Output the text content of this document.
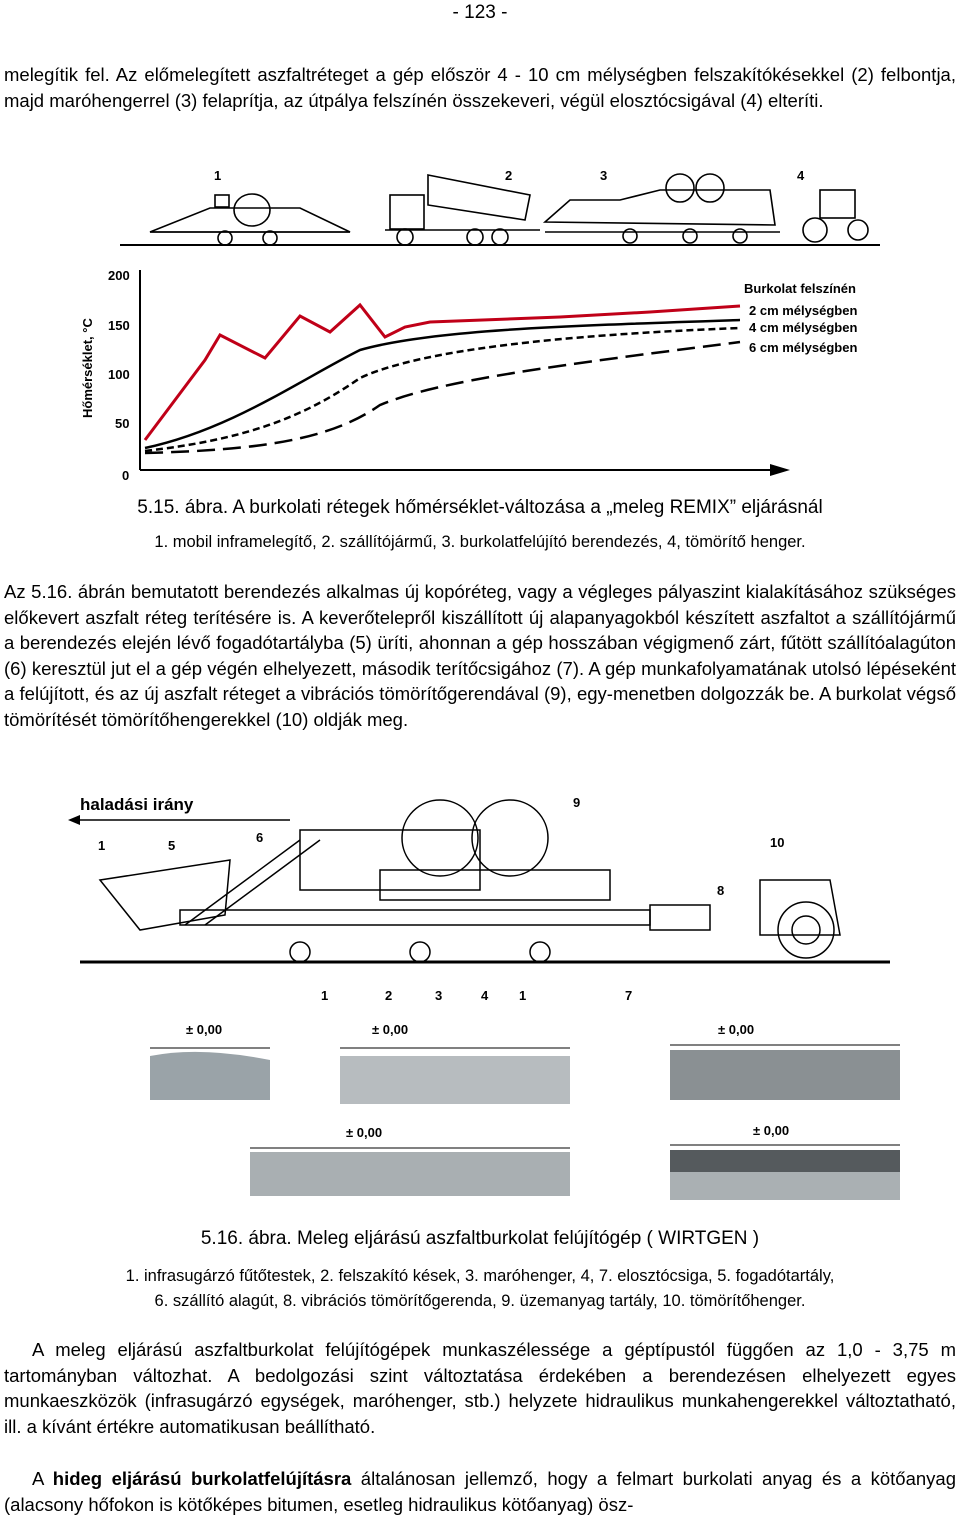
- 123 -
melegítik fel. Az előmelegített aszfaltréteget a gép először 4 - 10 cm mélységben felszakítókésekkel (2) felbontja, majd maróhengerrel (3) felaprítja, az útpálya felszínén összekeveri, végül elosztócsigával (4) elteríti.
1	2	3	4
Hőmérséklet, °C
200
150
100
50
0
Burkolat felszínén
2 cm mélységben
4 cm mélységben
6 cm mélységben
5.15. ábra. A burkolati rétegek hőmérséklet-változása a „meleg REMIX” eljárásnál
1. mobil inframelegítő, 2. szállítójármű, 3. burkolatfelújító berendezés, 4, tömörítő henger.
Az 5.16. ábrán bemutatott berendezés alkalmas új kopóréteg, vagy a végleges pályaszint kialakításához szükséges előkevert aszfalt réteg terítésére is. A keverőtelepről kiszállított új alapanyagokból készített aszfaltot a szállítójármű a berendezés elején lévő fogadótartályba (5) üríti, ahonnan a gép hosszában végigmenő zárt, fűtött szállítóalagúton (6) keresztül jut el a gép végén elhelyezett, második terítőcsigához (7). A gép munkafolyamatának utolsó lépéseként a felújított, és az új aszfalt réteget a vibrációs tömörítőgerendával (9), egy-menetben dolgozzák be. A burkolat végső tömörítését tömörítőhengerekkel (10) oldják meg.
haladási irány
1	5
6
9
10
8
1	2	3	4 1	7
± 0,00	± 0,00	± 0,00
± 0,00	± 0,00
5.16. ábra. Meleg eljárású aszfaltburkolat felújítógép ( WIRTGEN )
1. infrasugárzó fűtőtestek, 2. felszakító kések, 3. maróhenger, 4, 7. elosztócsiga, 5. fogadótartály,
6. szállító alagút, 8. vibrációs tömörítőgerenda, 9. üzemanyag tartály, 10. tömörítőhenger.
A meleg eljárású aszfaltburkolat felújítógépek munkaszélessége a géptípustól függően az 1,0 - 3,75 m tartományban változhat. A bedolgozási szint változtatása érdekében a berendezésen elhelyezett egyes munkaeszközök (infrasugárzó egységek, maróhenger, stb.) helyzete hidraulikus munkahengerekkel változtatható, ill. a kívánt értékre automatikusan beállítható.
A hideg eljárású burkolatfelújításra általánosan jellemző, hogy a felmart burkolati anyag és a kötőanyag (alacsony hőfokon is kötőképes bitumen, esetleg hidraulikus kötőanyag) ösz-
